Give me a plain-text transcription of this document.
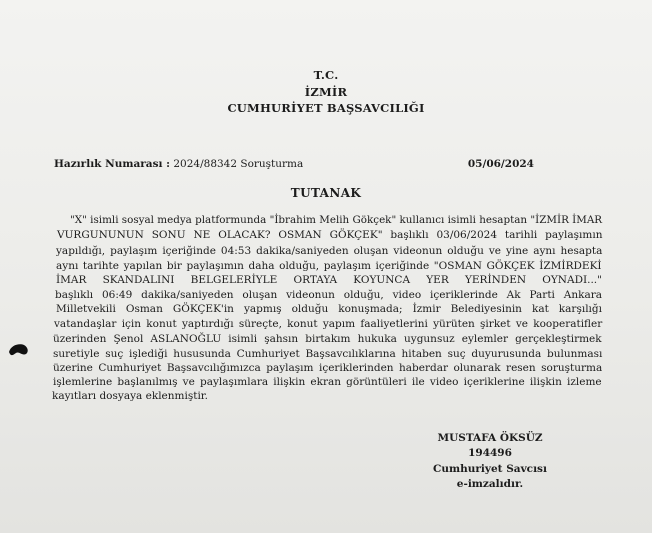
T.C.
İZMİR
CUMHURİYET BAŞSAVCILIĞI
Hazırlık Numarası : 2024/88342 Soruşturma	05/06/2024
TUTANAK
"X" isimli sosyal medya platformunda "İbrahim Melih Gökçek" kullanıcı isimli hesaptan "İZMİR İMAR
VURGUNUNUN SONU NE OLACAK? OSMAN GÖKÇEK" başlıklı 03/06/2024 tarihli paylaşımın
yapıldığı, paylaşım içeriğinde 04:53 dakika/saniyeden oluşan videonun olduğu ve yine aynı hesapta
aynı tarihte yapılan bir paylaşımın daha olduğu, paylaşım içeriğinde "OSMAN GÖKÇEK İZMİRDEKİ
İMAR SKANDALINI BELGELERİYLE ORTAYA KOYUNCA YER YERİNDEN OYNADI..."
başlıklı 06:49 dakika/saniyeden oluşan videonun olduğu, video içeriklerinde Ak Parti Ankara
Milletvekili Osman GÖKÇEK'in yapmış olduğu konuşmada; İzmir Belediyesinin kat karşılığı
vatandaşlar için konut yaptırdığı süreçte, konut yapım faaliyetlerini yürüten şirket ve kooperatifler
üzerinden Şenol ASLANOĞLU isimli şahsın birtakım hukuka uygunsuz eylemler gerçekleştirmek
suretiyle suç işlediği hususunda Cumhuriyet Başsavcılıklarına hitaben suç duyurusunda bulunması
üzerine Cumhuriyet Başsavcılığımızca paylaşım içeriklerinden haberdar olunarak resen soruşturma
işlemlerine başlanılmış ve paylaşımlara ilişkin ekran görüntüleri ile video içeriklerine ilişkin izleme
kayıtları dosyaya eklenmiştir.
MUSTAFA ÖKSÜZ
194496
Cumhuriyet Savcısı
e-imzalıdır.
